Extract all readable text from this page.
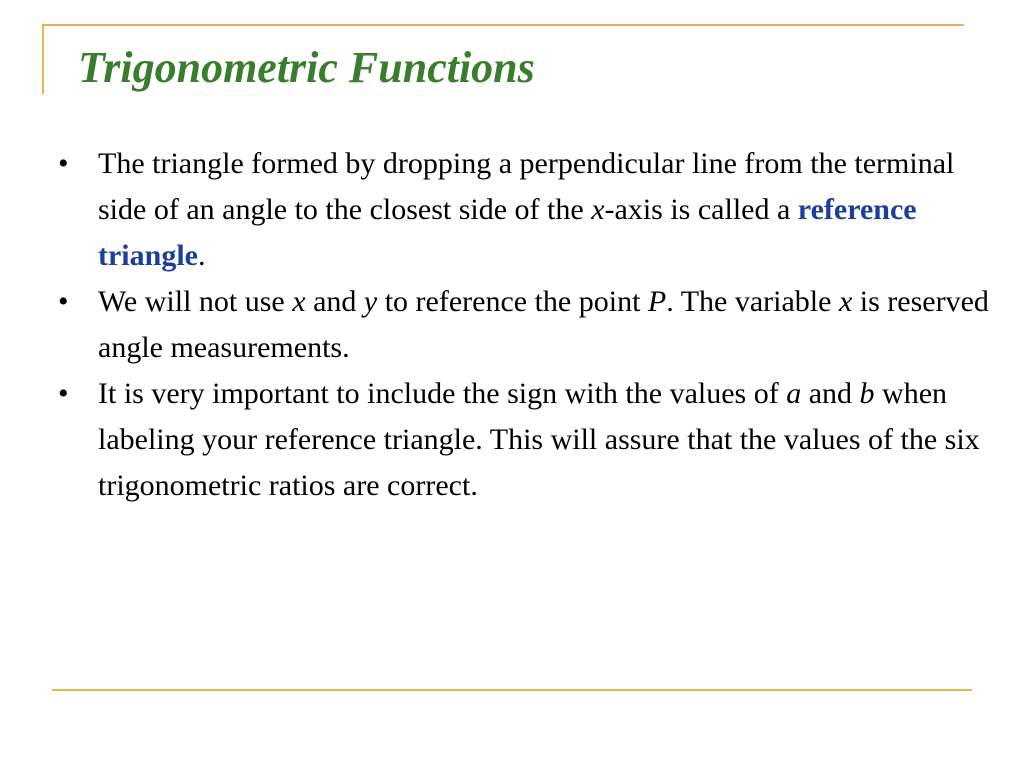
Trigonometric Functions
• The triangle formed by dropping a perpendicular line from the terminal side of an angle to the closest side of the x-axis is called a reference triangle.
• We will not use x and y to reference the point P. The variable x is reserved angle measurements.
• It is very important to include the sign with the values of a and b when labeling your reference triangle. This will assure that the values of the six trigonometric ratios are correct.
